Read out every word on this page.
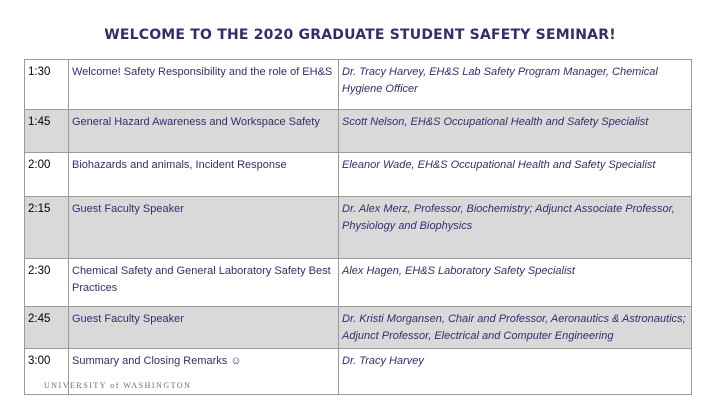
WELCOME TO THE 2020 GRADUATE STUDENT SAFETY SEMINAR!
1:30	Welcome! Safety Responsibility and the role of EH&S	Dr. Tracy Harvey, EH&S Lab Safety Program Manager, Chemical Hygiene Officer
1:45	General Hazard Awareness and Workspace Safety	Scott Nelson, EH&S Occupational Health and Safety Specialist
2:00	Biohazards and animals, Incident Response	Eleanor Wade, EH&S Occupational Health and Safety Specialist
2:15	Guest Faculty Speaker	Dr. Alex Merz, Professor, Biochemistry; Adjunct Associate Professor, Physiology and Biophysics
2:30	Chemical Safety and General Laboratory Safety Best Practices	Alex Hagen, EH&S Laboratory Safety Specialist
2:45	Guest Faculty Speaker	Dr. Kristi Morgansen, Chair and Professor, Aeronautics & Astronautics; Adjunct Professor, Electrical and Computer Engineering
3:00	Summary and Closing Remarks ☺	Dr. Tracy Harvey
UNIVERSITY of WASHINGTON
